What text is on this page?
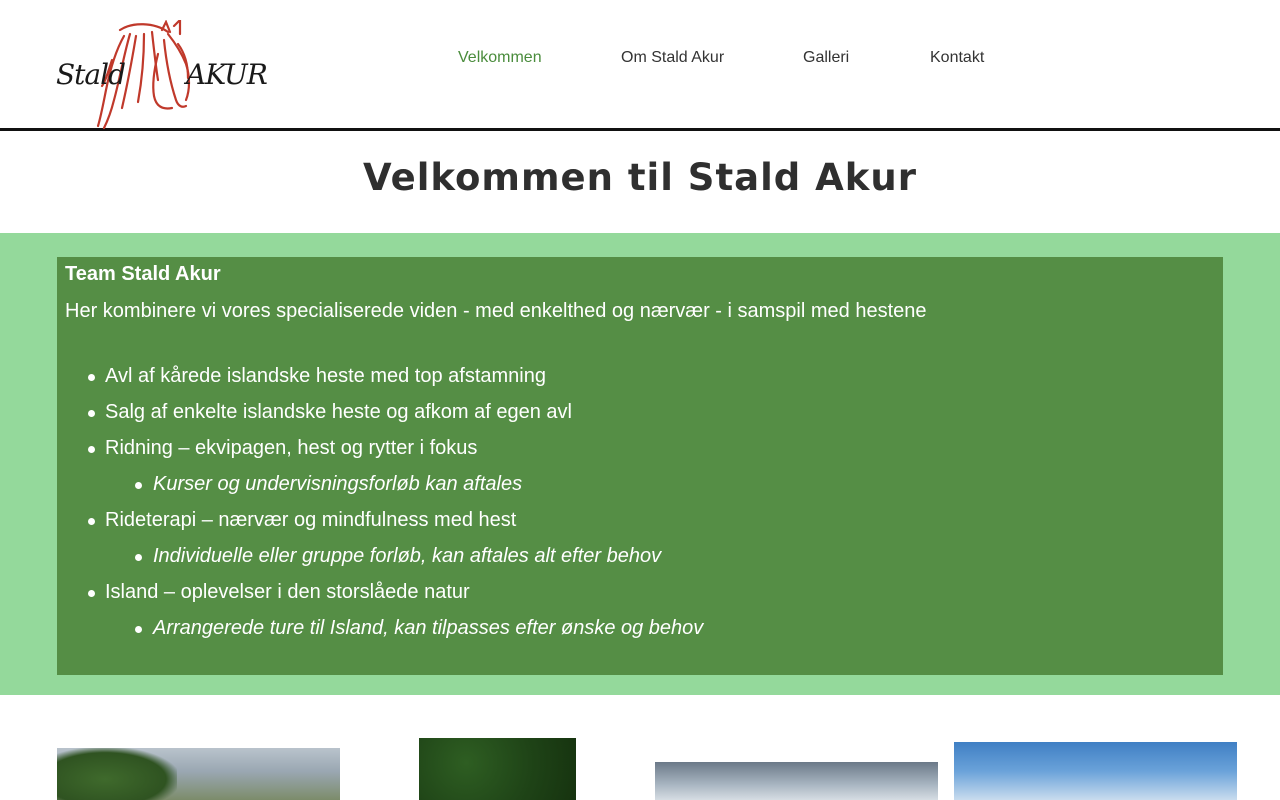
Stald AKUR
Velkommen	Om Stald Akur	Galleri	Kontakt
Velkommen til Stald Akur
Team Stald Akur
Her kombinere vi vores specialiserede viden - med enkelthed og nærvær - i samspil med hestene
Avl af kårede islandske heste med top afstamning
Salg af enkelte islandske heste og afkom af egen avl
Ridning – ekvipagen, hest og rytter i fokus
Kurser og undervisningsforløb kan aftales
Rideterapi – nærvær og mindfulness med hest
Individuelle eller gruppe forløb, kan aftales alt efter behov
Island – oplevelser i den storslåede natur
Arrangerede ture til Island, kan tilpasses efter ønske og behov
